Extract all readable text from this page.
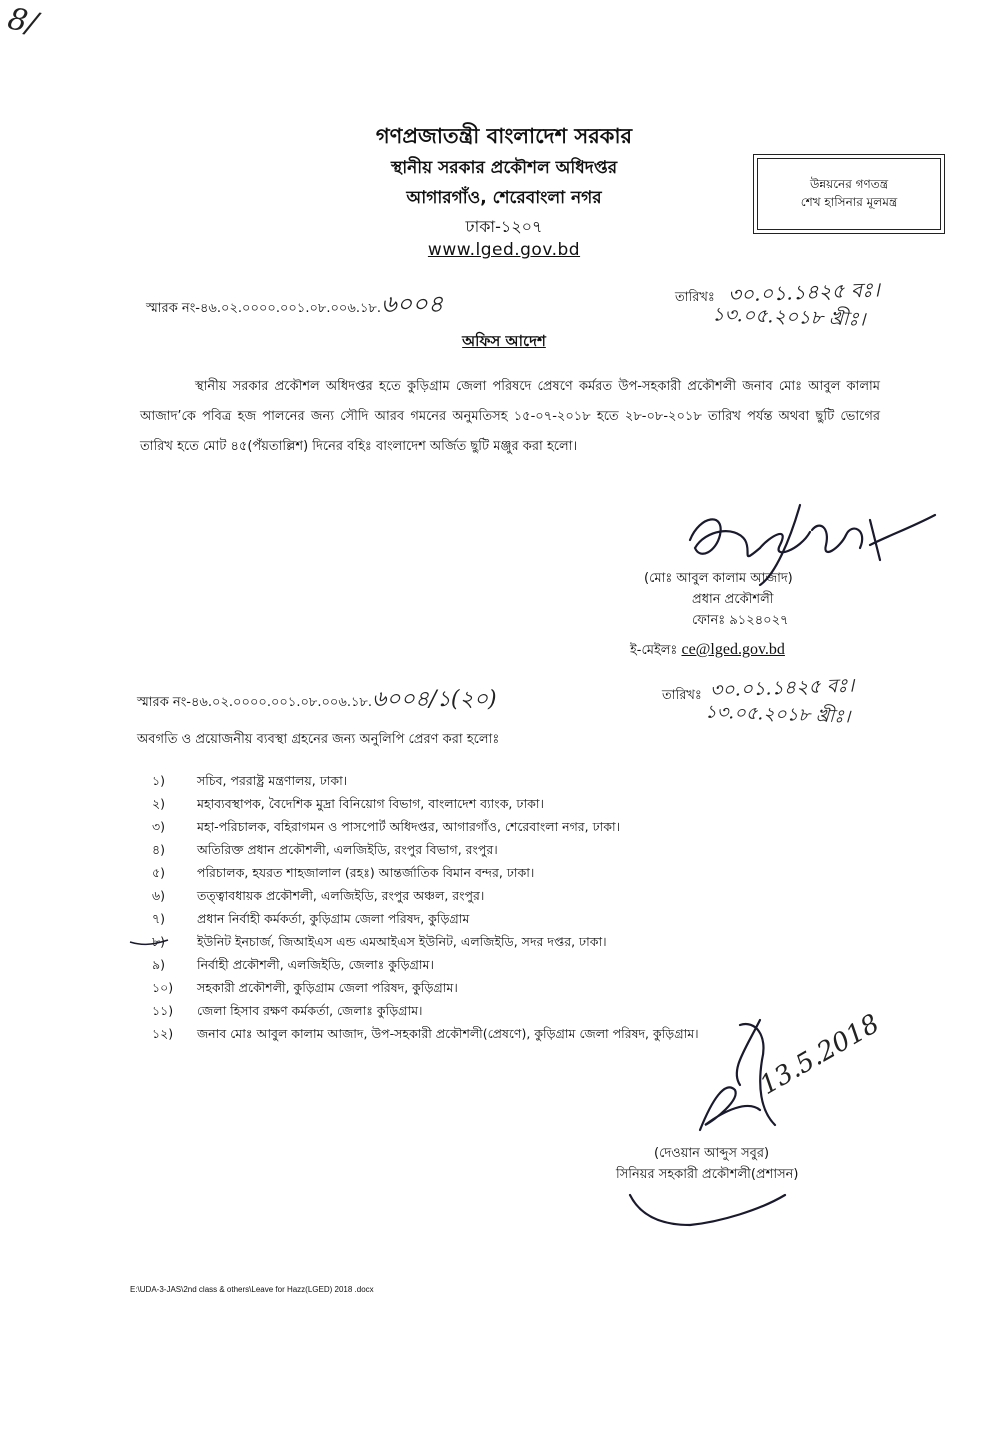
8/
গণপ্রজাতন্ত্রী বাংলাদেশ সরকার
স্থানীয় সরকার প্রকৌশল অধিদপ্তর
আগারগাঁও, শেরেবাংলা নগর
ঢাকা-১২০৭
www.lged.gov.bd
উন্নয়নের গণতন্ত্র
শেখ হাসিনার মূলমন্ত্র
স্মারক নং-৪৬.০২.০০০০.০০১.০৮.০০৬.১৮.৬০০৪	তারিখঃ ৩০.০১.১৪২৫ বঃ।
১৩.০৫.২০১৮ খ্রীঃ।
অফিস আদেশ
স্থানীয় সরকার প্রকৌশল অধিদপ্তর হতে কুড়িগ্রাম জেলা পরিষদে প্রেষণে কর্মরত উপ-সহকারী প্রকৌশলী জনাব মোঃ আবুল কালাম আজাদ’কে পবিত্র হজ পালনের জন্য সৌদি আরব গমনের অনুমতিসহ ১৫-০৭-২০১৮ হতে ২৮-০৮-২০১৮ তারিখ পর্যন্ত অথবা ছুটি ভোগের তারিখ হতে মোট ৪৫(পঁয়তাল্লিশ) দিনের বহিঃ বাংলাদেশ অর্জিত ছুটি মঞ্জুর করা হলো।
(মোঃ আবুল কালাম আজাদ)
প্রধান প্রকৌশলী
ফোনঃ ৯১২৪০২৭
ই-মেইলঃ ce@lged.gov.bd
স্মারক নং-৪৬.০২.০০০০.০০১.০৮.০০৬.১৮.৬০০৪/১(২০)	তারিখঃ ৩০.০১.১৪২৫ বঃ।
১৩.০৫.২০১৮ খ্রীঃ।
অবগতি ও প্রয়োজনীয় ব্যবস্থা গ্রহনের জন্য অনুলিপি প্রেরণ করা হলোঃ
১)	সচিব, পররাষ্ট্র মন্ত্রণালয়, ঢাকা।
২)	মহাব্যবস্থাপক, বৈদেশিক মুদ্রা বিনিয়োগ বিভাগ, বাংলাদেশ ব্যাংক, ঢাকা।
৩)	মহা-পরিচালক, বহিরাগমন ও পাসপোর্ট অধিদপ্তর, আগারগাঁও, শেরেবাংলা নগর, ঢাকা।
৪)	অতিরিক্ত প্রধান প্রকৌশলী, এলজিইডি, রংপুর বিভাগ, রংপুর।
৫)	পরিচালক, হযরত শাহজালাল (রহঃ) আন্তর্জাতিক বিমান বন্দর, ঢাকা।
৬)	তত্ত্বাবধায়ক প্রকৌশলী, এলজিইডি, রংপুর অঞ্চল, রংপুর।
৭)	প্রধান নির্বাহী কর্মকর্তা, কুড়িগ্রাম জেলা পরিষদ, কুড়িগ্রাম
৮)	ইউনিট ইনচার্জ, জিআইএস এন্ড এমআইএস ইউনিট, এলজিইডি, সদর দপ্তর, ঢাকা।
৯)	নির্বাহী প্রকৌশলী, এলজিইডি, জেলাঃ কুড়িগ্রাম।
১০) সহকারী প্রকৌশলী, কুড়িগ্রাম জেলা পরিষদ, কুড়িগ্রাম।
১১) জেলা হিসাব রক্ষণ কর্মকর্তা, জেলাঃ কুড়িগ্রাম।
১২) জনাব মোঃ আবুল কালাম আজাদ, উপ-সহকারী প্রকৌশলী(প্রেষণে), কুড়িগ্রাম জেলা পরিষদ, কুড়িগ্রাম। 13.5.2018
(দেওয়ান আব্দুস সবুর)
সিনিয়র সহকারী প্রকৌশলী(প্রশাসন)
E:\UDA-3-JAS\2nd class & others\Leave for Hazz(LGED) 2018 .docx
